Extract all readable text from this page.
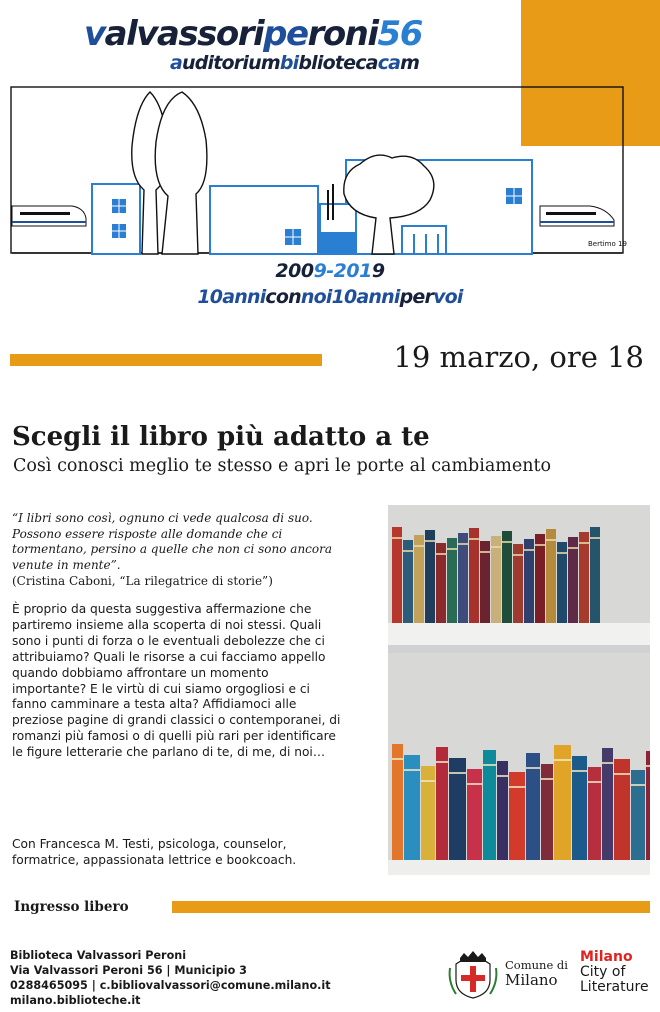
valvassoriperoni56
auditoriumbibliotecacam
Bertimo 19
2009-2019
10anniconnoi10annipervoi
19 marzo, ore 18
Scegli il libro più adatto a te
Così conosci meglio te stesso e apri le porte al cambiamento
“I libri sono così, ognuno ci vede qualcosa di suo. Possono essere risposte alle domande che ci tormentano, persino a quelle che non ci sono ancora venute in mente”.
(Cristina Caboni, “La rilegatrice di storie”)
È proprio da questa suggestiva affermazione che partiremo insieme alla scoperta di noi stessi. Quali sono i punti di forza o le eventuali debolezze che ci attribuiamo? Quali le risorse a cui facciamo appello quando dobbiamo affrontare un momento importante? E le virtù di cui siamo orgogliosi e ci fanno camminare a testa alta? Affidiamoci alle preziose pagine di grandi classici o contemporanei, di romanzi più famosi o di quelli più rari per identificare le figure letterarie che parlano di te, di me, di noi…
Con Francesca M. Testi, psicologa, counselor, formatrice, appassionata lettrice e bookcoach.
Ingresso libero
Biblioteca Valvassori Peroni
Via Valvassori Peroni 56 | Municipio 3
0288465095 | c.bibliovalvassori@comune.milano.it
milano.biblioteche.it
Comune di
Milano
Milano
City of
Literature
